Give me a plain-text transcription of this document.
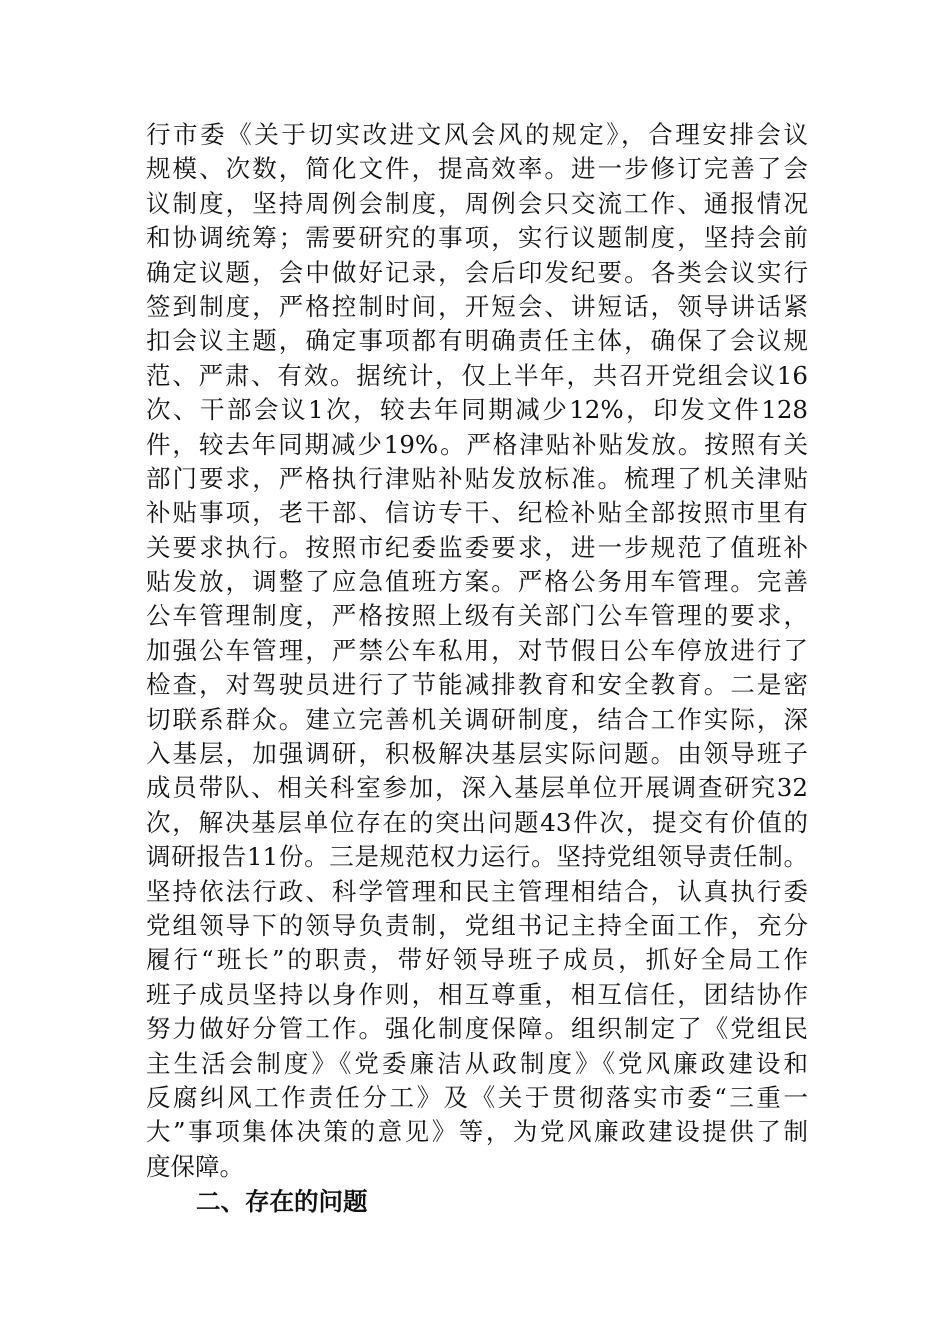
行市委《关于切实改进文风会风的规定》，合理安排会议
规模、次数，简化文件，提高效率。进一步修订完善了会
议制度，坚持周例会制度，周例会只交流工作、通报情况
和协调统筹；需要研究的事项，实行议题制度，坚持会前
确定议题，会中做好记录，会后印发纪要。各类会议实行
签到制度，严格控制时间，开短会、讲短话，领导讲话紧
扣会议主题，确定事项都有明确责任主体，确保了会议规
范、严肃、有效。据统计，仅上半年，共召开党组会议16
次、干部会议1次，较去年同期减少12%，印发文件128
件，较去年同期减少19%。严格津贴补贴发放。按照有关
部门要求，严格执行津贴补贴发放标准。梳理了机关津贴
补贴事项，老干部、信访专干、纪检补贴全部按照市里有
关要求执行。按照市纪委监委要求，进一步规范了值班补
贴发放，调整了应急值班方案。严格公务用车管理。完善
公车管理制度，严格按照上级有关部门公车管理的要求，
加强公车管理，严禁公车私用，对节假日公车停放进行了
检查，对驾驶员进行了节能减排教育和安全教育。二是密
切联系群众。建立完善机关调研制度，结合工作实际，深
入基层，加强调研，积极解决基层实际问题。由领导班子
成员带队、相关科室参加，深入基层单位开展调查研究32
次，解决基层单位存在的突出问题43件次，提交有价值的
调研报告11份。三是规范权力运行。坚持党组领导责任制。
坚持依法行政、科学管理和民主管理相结合，认真执行委
党组领导下的领导负责制，党组书记主持全面工作，充分
履行“班长”的职责，带好领导班子成员，抓好全局工作
班子成员坚持以身作则，相互尊重，相互信任，团结协作
努力做好分管工作。强化制度保障。组织制定了《党组民
主生活会制度》《党委廉洁从政制度》《党风廉政建设和
反腐纠风工作责任分工》及《关于贯彻落实市委“三重一
大”事项集体决策的意见》等，为党风廉政建设提供了制
度保障。
二、存在的问题
